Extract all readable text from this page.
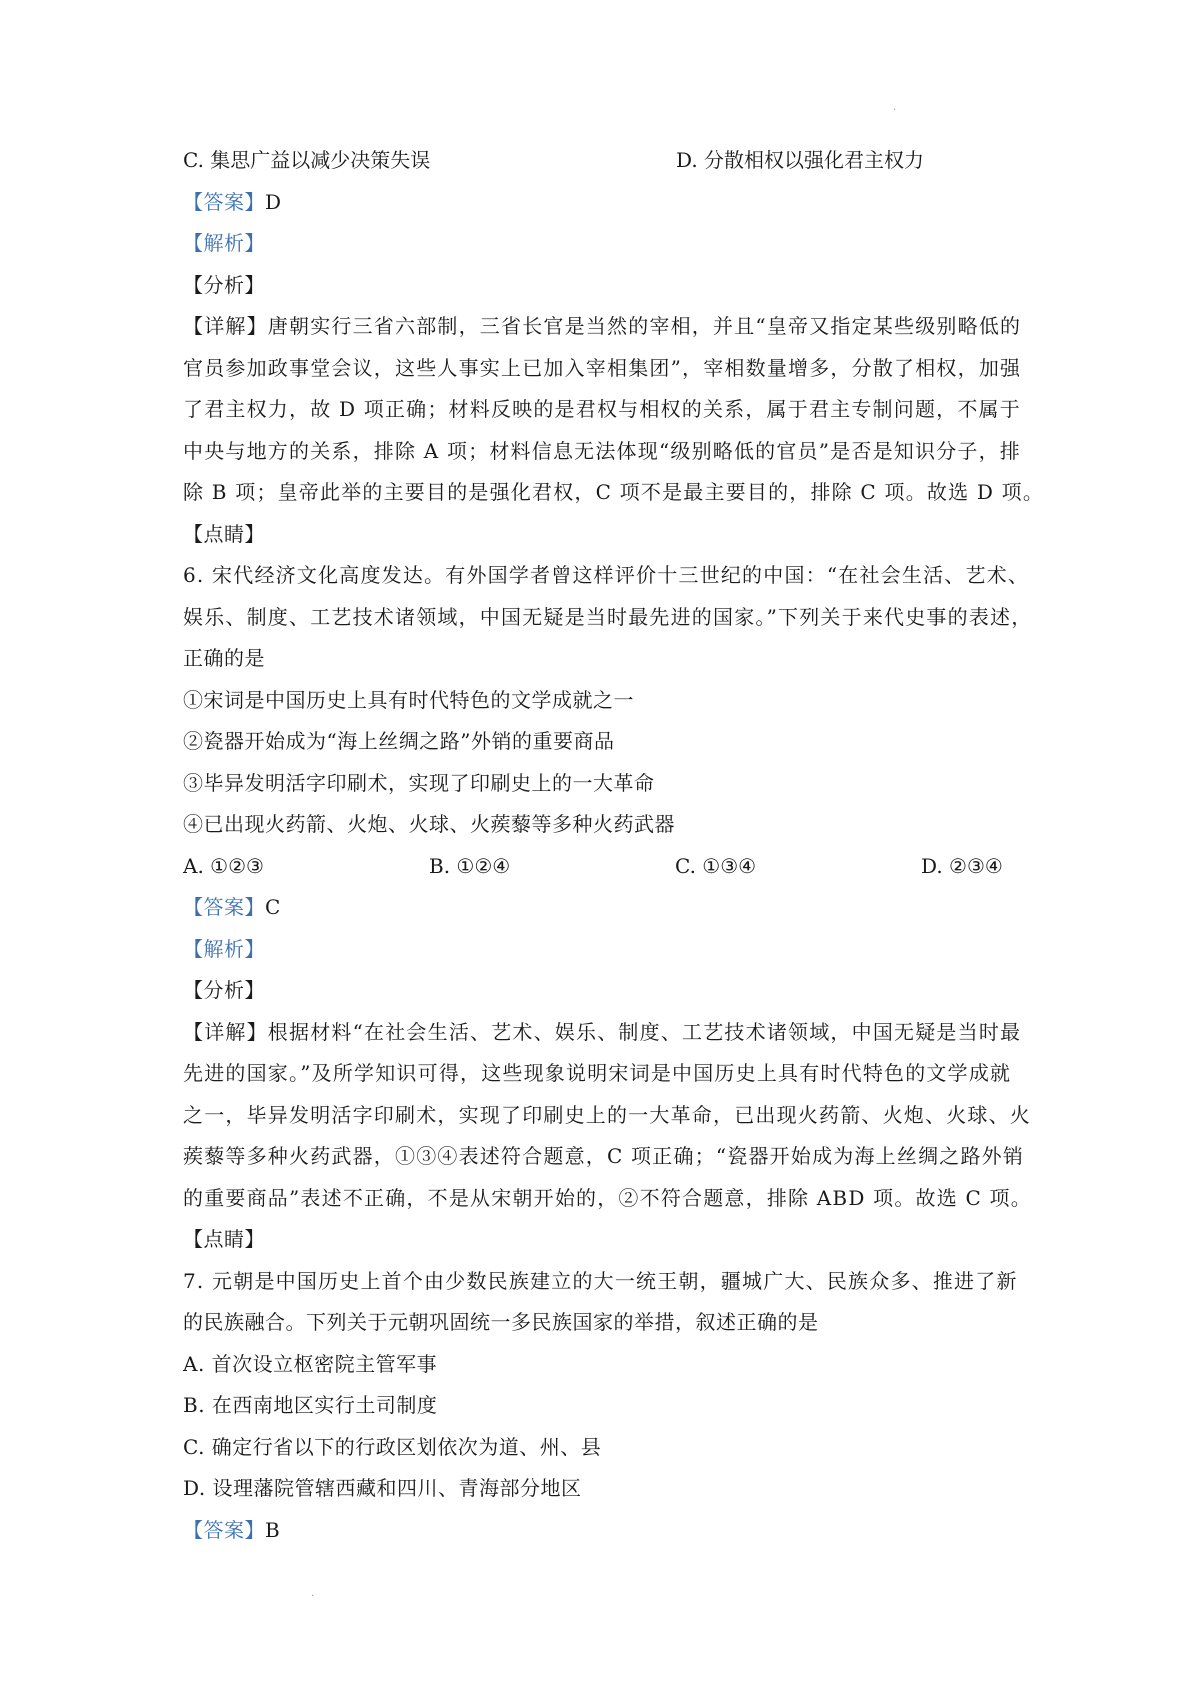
.
C. 集思广益以减少决策失误	D. 分散相权以强化君主权力
【答案】D
【解析】
【分析】
【详解】唐朝实行三省六部制，三省长官是当然的宰相，并且“皇帝又指定某些级别略低的
官员参加政事堂会议，这些人事实上已加入宰相集团”，宰相数量增多，分散了相权，加强
了君主权力，故 D 项正确；材料反映的是君权与相权的关系，属于君主专制问题，不属于
中央与地方的关系，排除 A 项；材料信息无法体现“级别略低的官员”是否是知识分子，排
除 B 项；皇帝此举的主要目的是强化君权，C 项不是最主要目的，排除 C 项。故选 D 项。
【点睛】
6. 宋代经济文化高度发达。有外国学者曾这样评价十三世纪的中国：“在社会生活、艺术、
娱乐、制度、工艺技术诸领域，中国无疑是当时最先进的国家。”下列关于来代史事的表述，
正确的是
①宋词是中国历史上具有时代特色的文学成就之一
②瓷器开始成为“海上丝绸之路”外销的重要商品
③毕异发明活字印刷术，实现了印刷史上的一大革命
④已出现火药箭、火炮、火球、火蒺藜等多种火药武器
A. ①②③	B. ①②④	C. ①③④	D. ②③④
【答案】C
【解析】
【分析】
【详解】根据材料“在社会生活、艺术、娱乐、制度、工艺技术诸领域，中国无疑是当时最
先进的国家。”及所学知识可得，这些现象说明宋词是中国历史上具有时代特色的文学成就
之一，毕异发明活字印刷术，实现了印刷史上的一大革命，已出现火药箭、火炮、火球、火
蒺藜等多种火药武器，①③④表述符合题意，C 项正确；“瓷器开始成为海上丝绸之路外销
的重要商品”表述不正确，不是从宋朝开始的，②不符合题意，排除 ABD 项。故选 C 项。
【点睛】
7. 元朝是中国历史上首个由少数民族建立的大一统王朝，疆城广大、民族众多、推进了新
的民族融合。下列关于元朝巩固统一多民族国家的举措，叙述正确的是
A. 首次设立枢密院主管军事
B. 在西南地区实行土司制度
C. 确定行省以下的行政区划依次为道、州、县
D. 设理藩院管辖西藏和四川、青海部分地区
【答案】B
.
